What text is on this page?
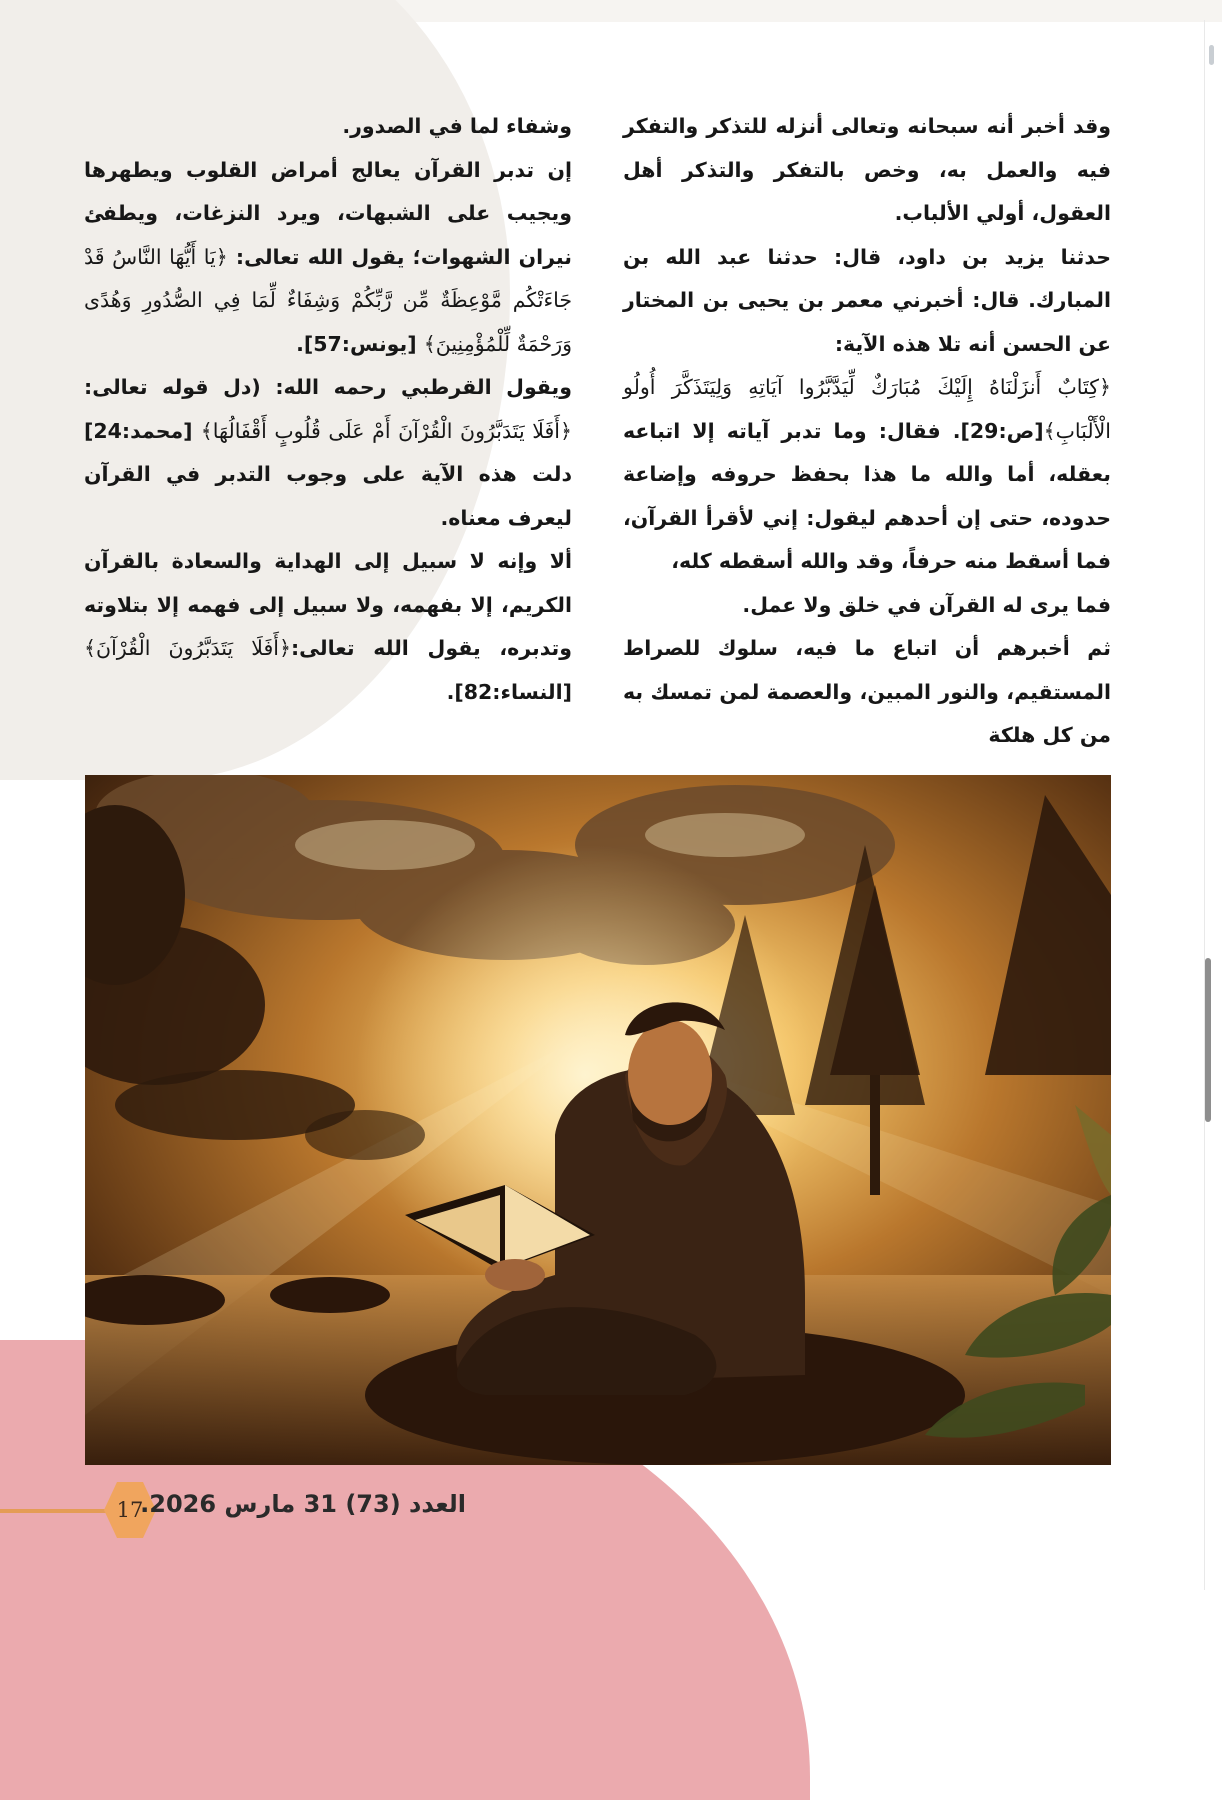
وقد أخبر أنه سبحانه وتعالى أنزله للتذكر والتفكر فيه والعمل به، وخص بالتفكر والتذكر أهل العقول، أولي الألباب.

حدثنا يزيد بن داود، قال: حدثنا عبد الله بن المبارك. قال: أخبرني معمر بن يحيى بن المختار عن الحسن أنه تلا هذه الآية:

﴿كِتَابٌ أَنزَلْنَاهُ إِلَيْكَ مُبَارَكٌ لِّيَدَّبَّرُوا آيَاتِهِ وَلِيَتَذَكَّرَ أُولُو الْأَلْبَابِ﴾[ص:29]. فقال: وما تدبر آياته إلا اتباعه بعقله، أما والله ما هذا بحفظ حروفه وإضاعة حدوده، حتى إن أحدهم ليقول: إني لأقرأ القرآن، فما أسقط منه حرفاً، وقد والله أسقطه كله،

فما يرى له القرآن في خلق ولا عمل.

ثم أخبرهم أن اتباع ما فيه، سلوك للصراط المستقيم، والنور المبين، والعصمة لمن تمسك به من كل هلكة

وشفاء لما في الصدور.

إن تدبر القرآن يعالج أمراض القلوب ويطهرها ويجيب على الشبهات، ويرد النزغات، ويطفئ نيران الشهوات؛ يقول الله تعالى: ﴿يَا أَيُّهَا النَّاسُ قَدْ جَاءَتْكُم مَّوْعِظَةٌ مِّن رَّبِّكُمْ وَشِفَاءٌ لِّمَا فِي الصُّدُورِ وَهُدًى وَرَحْمَةٌ لِّلْمُؤْمِنِينَ﴾ [يونس:57].

ويقول القرطبي رحمه الله: (دل قوله تعالى: ﴿أَفَلَا يَتَدَبَّرُونَ الْقُرْآنَ أَمْ عَلَى قُلُوبٍ أَقْفَالُهَا﴾ [محمد:24] دلت هذه الآية على وجوب التدبر في القرآن ليعرف معناه.

ألا وإنه لا سبيل إلى الهداية والسعادة بالقرآن الكريم، إلا بفهمه، ولا سبيل إلى فهمه إلا بتلاوته وتدبره، يقول الله تعالى:﴿أَفَلَا يَتَدَبَّرُونَ الْقُرْآنَ﴾ [النساء:82].

17
العدد (73) 31 مارس 2026.
